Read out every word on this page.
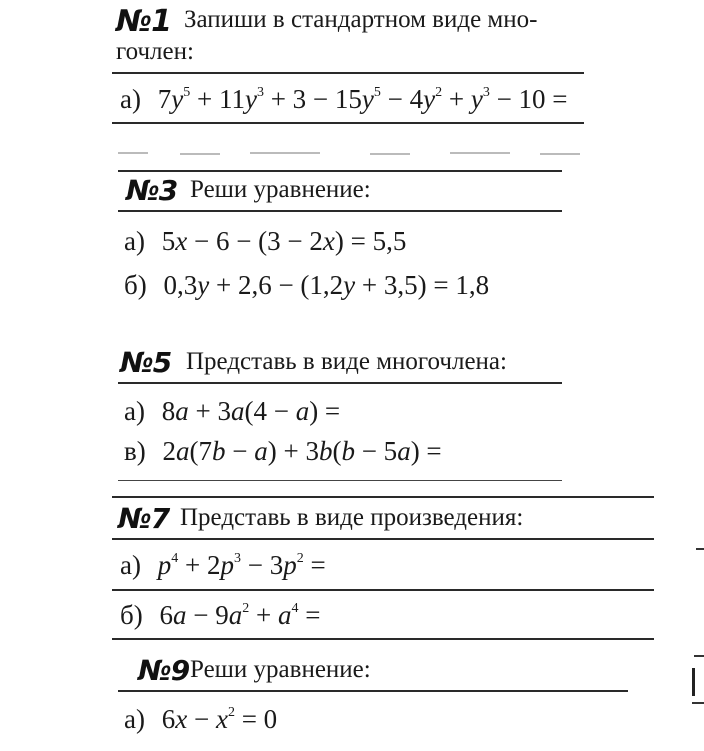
№1 Запиши в стандартном виде мно-
гочлен:
а) $7y^5 + 11y^3 + 3 - 15y^5 - 4y^2 + y^3 - 10$ =
№3 Реши уравнение:
а) 5x − 6 − (3 − 2x) = 5,5
б) 0,3y + 2,6 − (1,2y + 3,5) = 1,8
№5 Представь в виде многочлена:
а) 8a + 3a(4 − a) =
в) 2a(7b − a) + 3b(b − 5a) =
№7 Представь в виде произведения:
а) $p^4 + 2p^3 - 3p^2$ =
б) $6a - 9a^2 + a^4$ =
№9 Реши уравнение:
а) $6x - x^2 = 0$
